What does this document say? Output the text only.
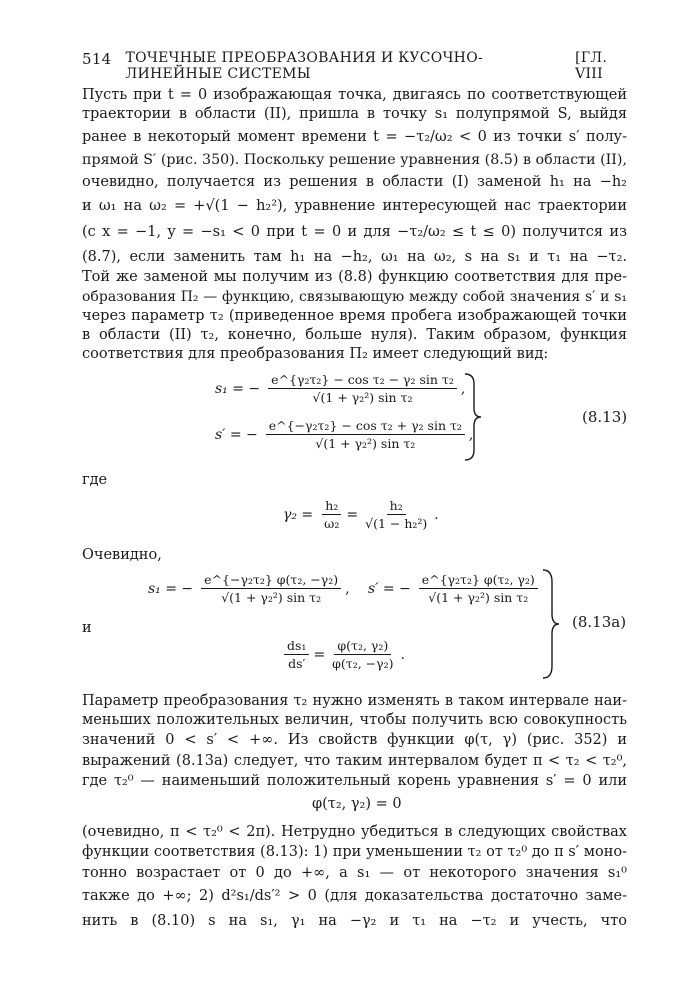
514 ТОЧЕЧНЫЕ ПРЕОБРАЗОВАНИЯ И КУСОЧНО-ЛИНЕЙНЫЕ СИСТЕМЫ
[ГЛ. VIII
Пусть при t = 0 изображающая точка, двигаясь по соответствующей
траектории в области (II), пришла в точку s₁ полупрямой S, выйдя
ранее в некоторый момент времени t = −τ₂/ω₂ < 0 из точки s′ полу-
прямой S′ (рис. 350). Поскольку решение уравнения (8.5) в области (II),
очевидно, получается из решения в области (I) заменой h₁ на −h₂
и ω₁ на ω₂ = +√(1 − h₂²), уравнение интересующей нас траектории
(с x = −1, y = −s₁ < 0 при t = 0 и для −τ₂/ω₂ ≤ t ≤ 0) получится из
(8.7), если заменить там h₁ на −h₂, ω₁ на ω₂, s на s₁ и τ₁ на −τ₂.
Той же заменой мы получим из (8.8) функцию соответствия для пре-
образования Π₂ — функцию, связывающую между собой значения s′ и s₁
через параметр τ₂ (приведенное время пробега изображающей точки
в области (II) τ₂, конечно, больше нуля). Таким образом, функция
соответствия для преобразования Π₂ имеет следующий вид:
s₁ = − $\frac{\text{e\textasciicircum{}\{γ₂τ₂\} − cos τ₂ − γ₂ sin τ₂}}{\text{√(1 + γ₂²) sin τ₂}}$ ,
s′ = − $\frac{\text{e\textasciicircum{}\{−γ₂τ₂\} − cos τ₂ + γ₂ sin τ₂}}{\text{√(1 + γ₂²) sin τ₂}}$ ,
(8.13)
где
$\gamma_2 = \frac{\text{h₂}}{\text{ω₂}} = \frac{\text{h₂}}{\text{√(1 − h₂²)}}$ .
Очевидно,
s₁ = − $\frac{\text{e\textasciicircum{}\{−γ₂τ₂\} φ(τ₂, −γ₂)}}{\text{√(1 + γ₂²) sin τ₂}}$ , s′ = − $\frac{\text{e\textasciicircum{}\{γ₂τ₂\} φ(τ₂, γ₂)}}{\text{√(1 + γ₂²) sin τ₂}}$
и
$\frac{\text{ds₁}}{ds'} = \frac{\text{φ(τ₂, γ₂)}}{\text{φ(τ₂, −γ₂)}}$ .
(8.13a)
Параметр преобразования τ₂ нужно изменять в таком интервале наи-
меньших положительных величин, чтобы получить всю совокупность
значений 0 < s′ < +∞. Из свойств функции φ(τ, γ) (рис. 352) и
выражений (8.13a) следует, что таким интервалом будет π < τ₂ < τ₂⁰,
где τ₂⁰ — наименьший положительный корень уравнения s′ = 0 или
φ(τ₂, γ₂) = 0
(очевидно, π < τ₂⁰ < 2π). Нетрудно убедиться в следующих свойствах
функции соответствия (8.13): 1) при уменьшении τ₂ от τ₂⁰ до π s′ моно-
тонно возрастает от 0 до +∞, а s₁ — от некоторого значения s₁⁰
также до +∞; 2) d²s₁/ds′² > 0 (для доказательства достаточно заме-
нить в (8.10) s на s₁, γ₁ на −γ₂ и τ₁ на −τ₂ и учесть, что
